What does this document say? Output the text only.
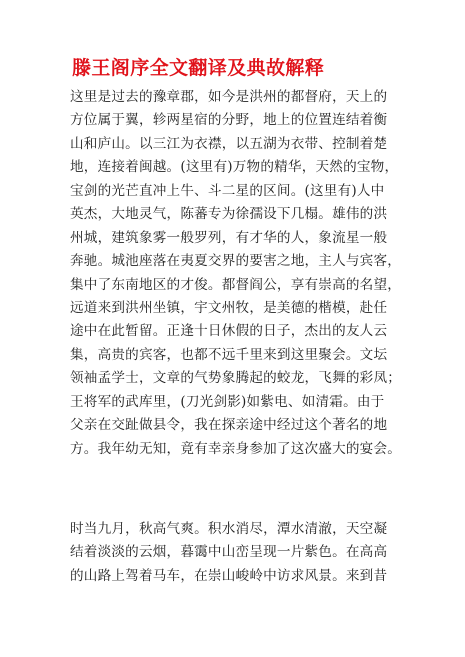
滕王阁序全文翻译及典故解释
这里是过去的豫章郡，如今是洪州的都督府，天上的
方位属于翼，轸两星宿的分野，地上的位置连结着衡
山和庐山。以三江为衣襟，以五湖为衣带、控制着楚
地，连接着闽越。(这里有)万物的精华，天然的宝物，
宝剑的光芒直冲上牛、斗二星的区间。(这里有)人中
英杰，大地灵气，陈蕃专为徐孺设下几榻。雄伟的洪
州城，建筑象雾一般罗列，有才华的人，象流星一般
奔驰。城池座落在夷夏交界的要害之地，主人与宾客，
集中了东南地区的才俊。都督阎公，享有崇高的名望，
远道来到洪州坐镇，宇文州牧，是美德的楷模，赴任
途中在此暂留。正逢十日休假的日子，杰出的友人云
集，高贵的宾客，也都不远千里来到这里聚会。文坛
领袖孟学士，文章的气势象腾起的蛟龙，飞舞的彩凤；
王将军的武库里，(刀光剑影)如紫电、如清霜。由于
父亲在交趾做县令，我在探亲途中经过这个著名的地
方。我年幼无知，竟有幸亲身参加了这次盛大的宴会。
时当九月，秋高气爽。积水消尽，潭水清澈，天空凝
结着淡淡的云烟，暮霭中山峦呈现一片紫色。在高高
的山路上驾着马车，在崇山峻岭中访求风景。来到昔
